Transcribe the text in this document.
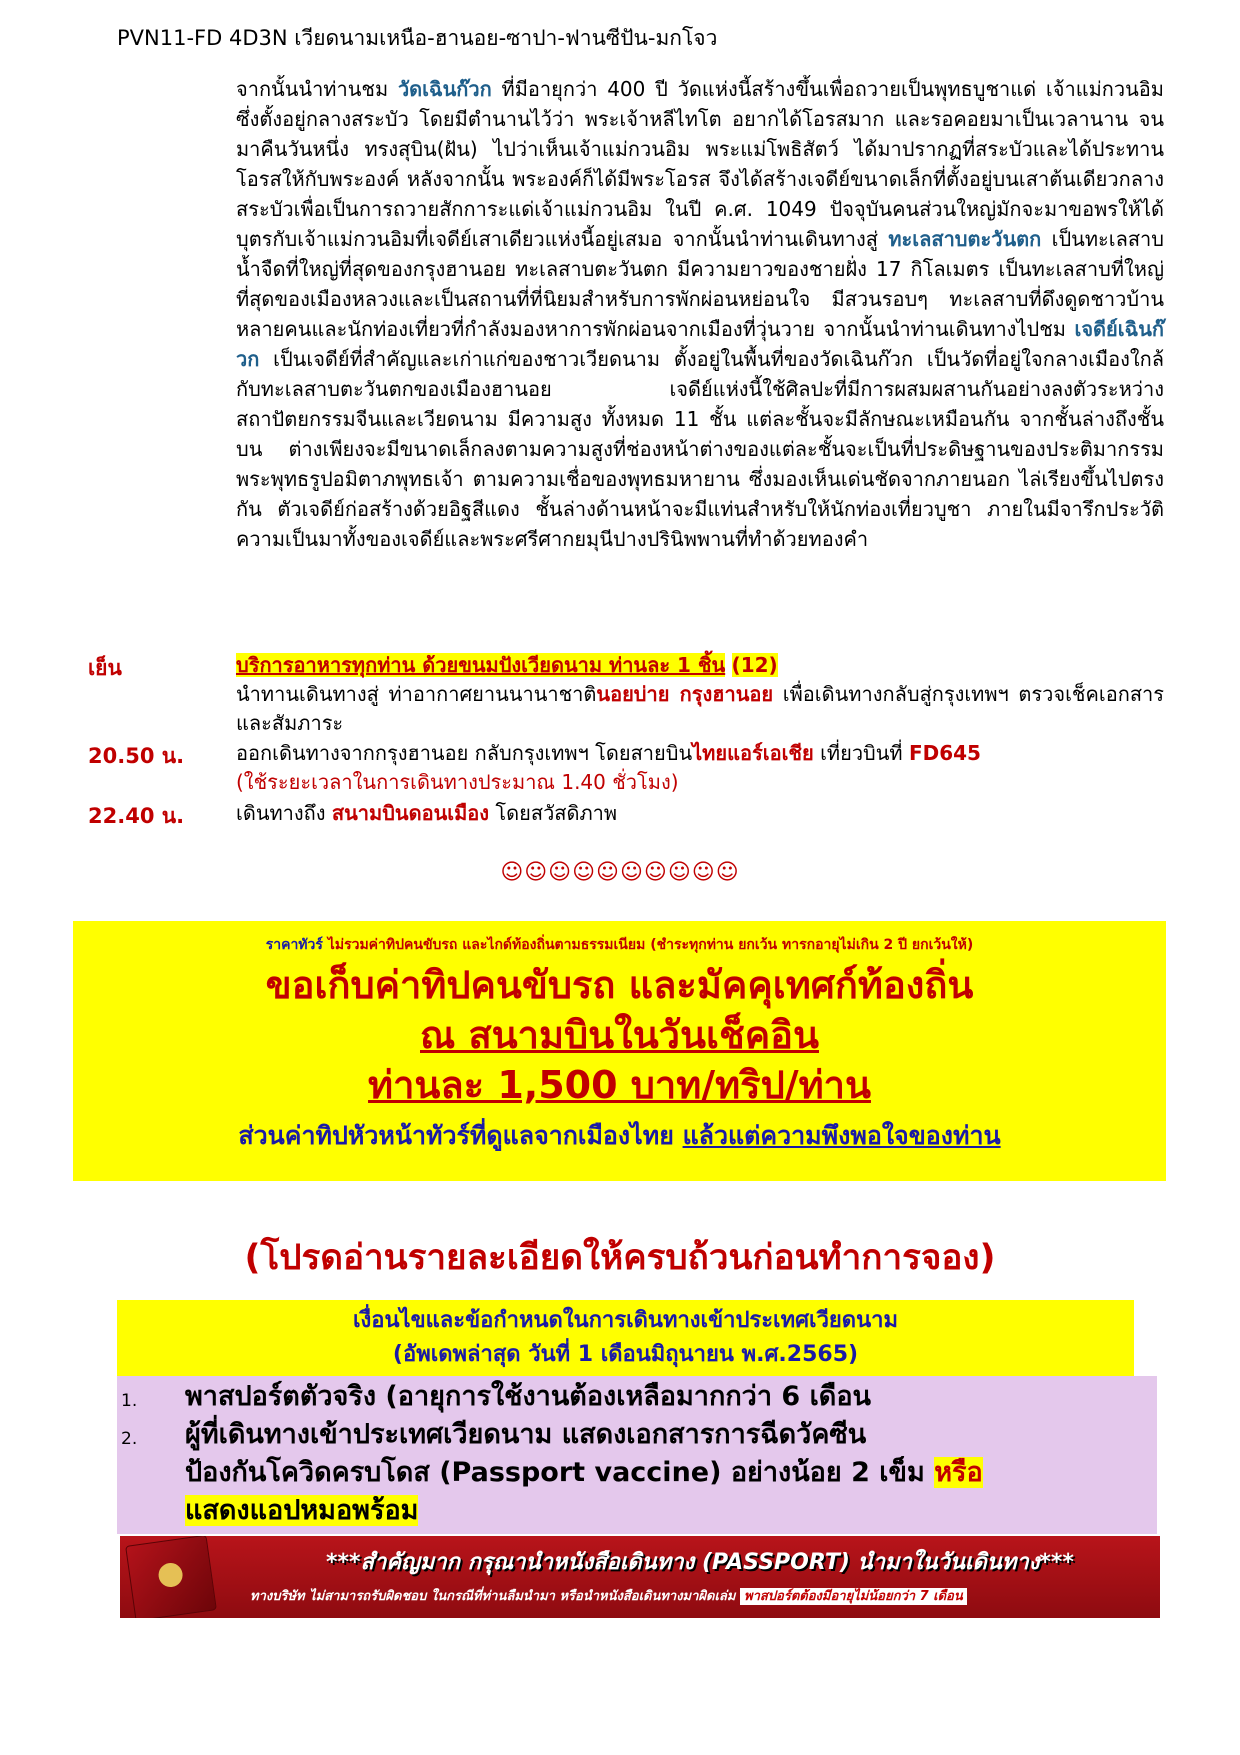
PVN11-FD 4D3N เวียดนามเหนือ-ฮานอย-ซาปา-ฟานซีปัน-มกโจว
จากนั้นนำท่านชม วัดเฉินก๊วก ที่มีอายุกว่า 400 ปี วัดแห่งนี้สร้างขึ้นเพื่อถวายเป็นพุทธบูชาแด่ เจ้าแม่กวนอิม ซึ่งตั้งอยู่กลางสระบัว โดยมีตำนานไว้ว่า พระเจ้าหลีไทโต อยากได้โอรสมาก และรอคอยมาเป็นเวลานาน จนมาคืนวันหนึ่ง ทรงสุบิน(ฝัน) ไปว่าเห็นเจ้าแม่กวนอิม พระแม่โพธิสัตว์ ได้มาปรากฏที่สระบัวและได้ประทานโอรสให้กับพระองค์ หลังจากนั้น พระองค์ก็ได้มีพระโอรส จึงได้สร้างเจดีย์ขนาดเล็กที่ตั้งอยู่บนเสาต้นเดียวกลางสระบัวเพื่อเป็นการถวายสักการะแด่เจ้าแม่กวนอิม ในปี ค.ศ. 1049 ปัจจุบันคนส่วนใหญ่มักจะมาขอพรให้ได้บุตรกับเจ้าแม่กวนอิมที่เจดีย์เสาเดียวแห่งนี้อยู่เสมอ จากนั้นนำท่านเดินทางสู่ ทะเลสาบตะวันตก เป็นทะเลสาบน้ำจืดที่ใหญ่ที่สุดของกรุงฮานอย ทะเลสาบตะวันตก มีความยาวของชายฝั่ง 17 กิโลเมตร เป็นทะเลสาบที่ใหญ่ที่สุดของเมืองหลวงและเป็นสถานที่ที่นิยมสำหรับการพักผ่อนหย่อนใจ มีสวนรอบๆ ทะเลสาบที่ดึงดูดชาวบ้านหลายคนและนักท่องเที่ยวที่กำลังมองหาการพักผ่อนจากเมืองที่วุ่นวาย จากนั้นนำท่านเดินทางไปชม เจดีย์เฉินก๊วก เป็นเจดีย์ที่สำคัญและเก่าแก่ของชาวเวียดนาม ตั้งอยู่ในพื้นที่ของวัดเฉินก๊วก เป็นวัดที่อยู่ใจกลางเมืองใกล้กับทะเลสาบตะวันตกของเมืองฮานอย เจดีย์แห่งนี้ใช้ศิลปะที่มีการผสมผสานกันอย่างลงตัวระหว่างสถาปัตยกรรมจีนและเวียดนาม มีความสูง ทั้งหมด 11 ชั้น แต่ละชั้นจะมีลักษณะเหมือนกัน จากชั้นล่างถึงชั้นบน ต่างเพียงจะมีขนาดเล็กลงตามความสูงที่ช่องหน้าต่างของแต่ละชั้นจะเป็นที่ประดิษฐานของประติมากรรมพระพุทธรูปอมิตาภพุทธเจ้า ตามความเชื่อของพุทธมหายาน ซึ่งมองเห็นเด่นชัดจากภายนอก ไล่เรียงขึ้นไปตรงกัน ตัวเจดีย์ก่อสร้างด้วยอิฐสีแดง ชั้นล่างด้านหน้าจะมีแท่นสำหรับให้นักท่องเที่ยวบูชา ภายในมีจารึกประวัติความเป็นมาทั้งของเจดีย์และพระศรีศากยมุนีปางปรินิพพานที่ทำด้วยทองคำ
เย็น	บริการอาหารทุกท่าน ด้วยขนมปังเวียดนาม ท่านละ 1 ชิ้น (12)
นำทานเดินทางสู่ ท่าอากาศยานนานาชาตินอยบ่าย กรุงฮานอย เพื่อเดินทางกลับสู่กรุงเทพฯ ตรวจเช็คเอกสารและสัมภาระ
20.50 น.	ออกเดินทางจากกรุงฮานอย กลับกรุงเทพฯ โดยสายบินไทยแอร์เอเชีย เที่ยวบินที่ FD645
(ใช้ระยะเวลาในการเดินทางประมาณ 1.40 ชั่วโมง)
22.40 น.	เดินทางถึง สนามบินดอนเมือง โดยสวัสดิภาพ
☺☺☺☺☺☺☺☺☺☺
ราคาทัวร์ ไม่รวมค่าทิปคนขับรถ และไกด์ท้องถิ่นตามธรรมเนียม (ชำระทุกท่าน ยกเว้น ทารกอายุไม่เกิน 2 ปี ยกเว้นให้)
ขอเก็บค่าทิปคนขับรถ และมัคคุเทศก์ท้องถิ่น
ณ สนามบินในวันเช็คอิน
ท่านละ 1,500 บาท/ทริป/ท่าน
ส่วนค่าทิปหัวหน้าทัวร์ที่ดูแลจากเมืองไทย แล้วแต่ความพึงพอใจของท่าน
(โปรดอ่านรายละเอียดให้ครบถ้วนก่อนทำการจอง)
เงื่อนไขและข้อกำหนดในการเดินทางเข้าประเทศเวียดนาม
(อัพเดพล่าสุด วันที่ 1 เดือนมิถุนายน พ.ศ.2565)
1. พาสปอร์ตตัวจริง (อายุการใช้งานต้องเหลือมากกว่า 6 เดือน
2. ผู้ที่เดินทางเข้าประเทศเวียดนาม แสดงเอกสารการฉีดวัคซีน
ป้องกันโควิดครบโดส (Passport vaccine) อย่างน้อย 2 เข็ม หรือ
แสดงแอปหมอพร้อม
***สำคัญมาก กรุณานำหนังสือเดินทาง (PASSPORT) นำมาในวันเดินทาง***
ทางบริษัท ไม่สามารถรับผิดชอบ ในกรณีที่ท่านลืมนำมา หรือนำหนังสือเดินทางมาผิดเล่ม พาสปอร์ตต้องมีอายุไม่น้อยกว่า 7 เดือน
